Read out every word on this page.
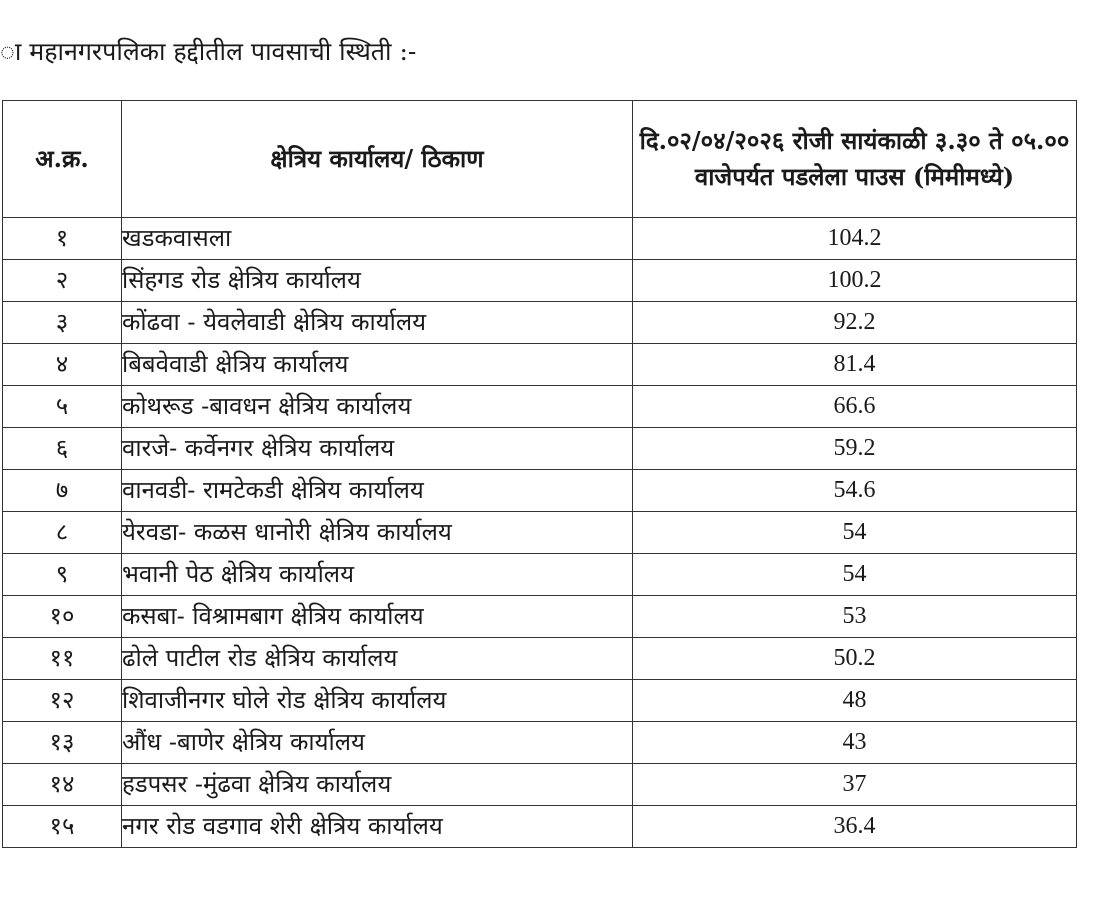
ा महानगरपलिका हद्दीतील पावसाची स्थिती :-
अ.क्र.	क्षेत्रिय कार्यालय/ ठिकाण	दि.०२/०४/२०२६ रोजी सायंकाळी ३.३० ते ०५.०० वाजेपर्यत पडलेला पाउस (मिमीमध्ये)
१	खडकवासला	104.2
२	सिंहगड रोड क्षेत्रिय कार्यालय	100.2
३	कोंढवा - येवलेवाडी क्षेत्रिय कार्यालय	92.2
४	बिबवेवाडी क्षेत्रिय कार्यालय	81.4
५	कोथरूड -बावधन क्षेत्रिय कार्यालय	66.6
६	वारजे- कर्वेनगर क्षेत्रिय कार्यालय	59.2
७	वानवडी- रामटेकडी क्षेत्रिय कार्यालय	54.6
८	येरवडा- कळस धानोरी क्षेत्रिय कार्यालय	54
९	भवानी पेठ क्षेत्रिय कार्यालय	54
१०	कसबा- विश्रामबाग क्षेत्रिय कार्यालय	53
११	ढोले पाटील रोड क्षेत्रिय कार्यालय	50.2
१२	शिवाजीनगर घोले रोड क्षेत्रिय कार्यालय	48
१३	औंध -बाणेर क्षेत्रिय कार्यालय	43
१४	हडपसर -मुंढवा क्षेत्रिय कार्यालय	37
१५	नगर रोड वडगाव शेरी क्षेत्रिय कार्यालय	36.4
